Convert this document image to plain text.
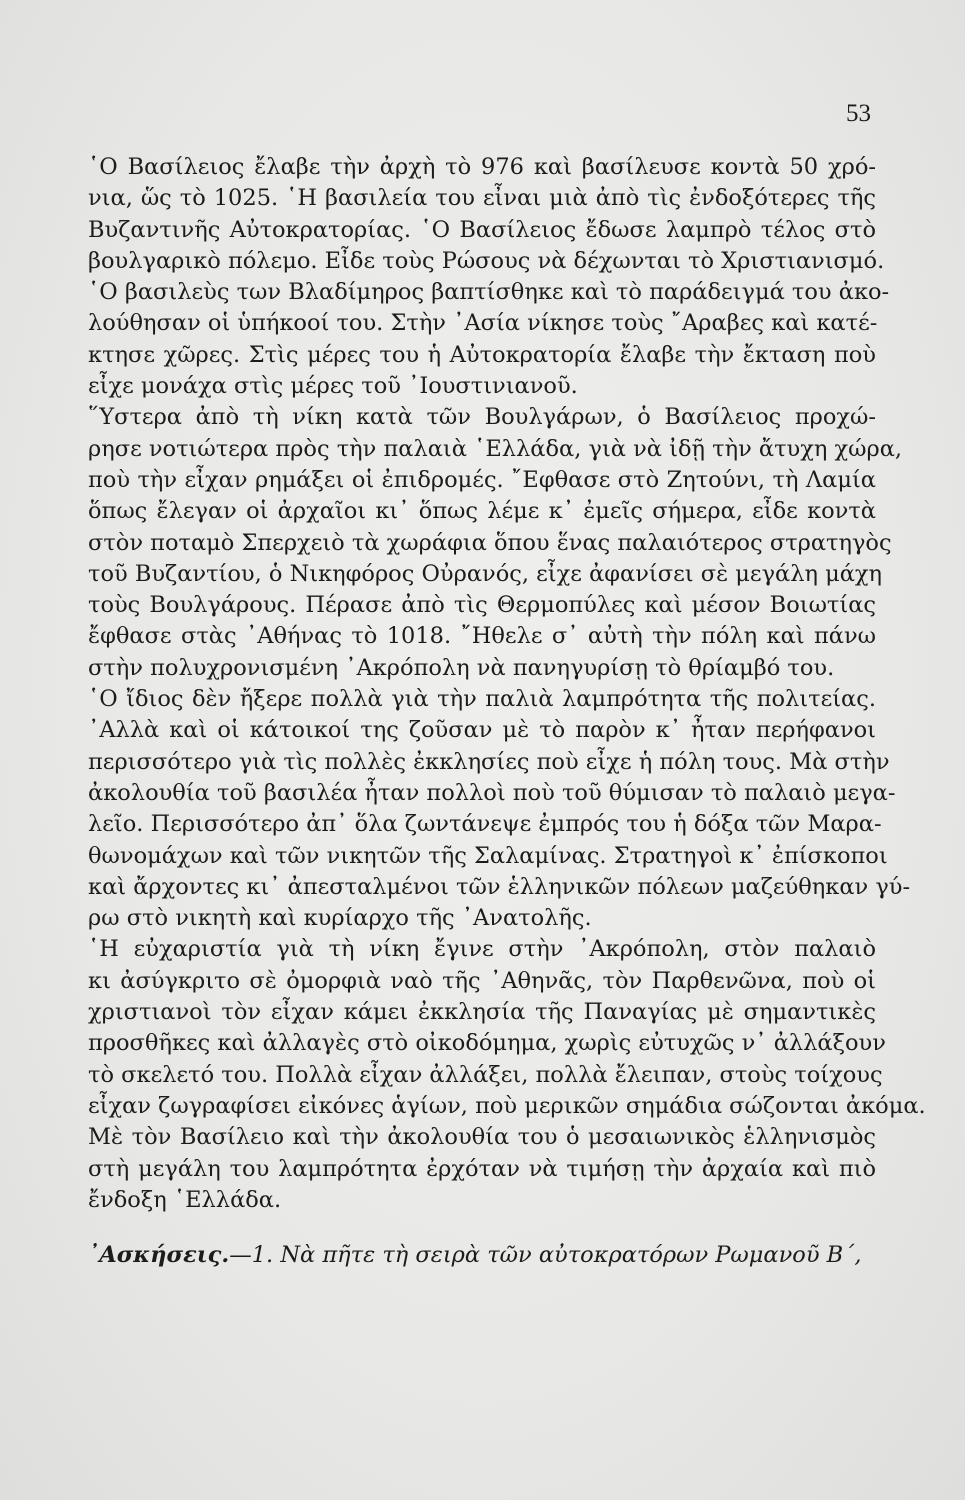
53
῾Ο Βασίλειος ἔλαβε τὴν ἀρχὴ τὸ 976 καὶ βασίλευσε κοντὰ 50 χρό-
νια, ὥς τὸ 1025. ῾Η βασιλεία του εἶναι μιὰ ἀπὸ τὶς ἐνδοξότερες τῆς
Βυζαντινῆς Αὐτοκρατορίας. ῾Ο Βασίλειος ἔδωσε λαμπρὸ τέλος στὸ
βουλγαρικὸ πόλεμο. Εἶδε τοὺς Ρώσους νὰ δέχωνται τὸ Χριστιανισμό.
῾Ο βασιλεὺς των Βλαδίμηρος βαπτίσθηκε καὶ τὸ παράδειγμά του ἀκο-
λούθησαν οἱ ὑπήκοοί του. Στὴν ᾿Ασία νίκησε τοὺς ῎Αραβες καὶ κατέ-
κτησε χῶρες. Στὶς μέρες του ἡ Αὐτοκρατορία ἔλαβε τὴν ἔκταση ποὺ
εἶχε μονάχα στὶς μέρες τοῦ ᾿Ιουστινιανοῦ.
῞Υστερα ἀπὸ τὴ νίκη κατὰ τῶν Βουλγάρων, ὁ Βασίλειος προχώ-
ρησε νοτιώτερα πρὸς τὴν παλαιὰ ῾Ελλάδα, γιὰ νὰ ἰδῇ τὴν ἄτυχη χώρα,
ποὺ τὴν εἶχαν ρημάξει οἱ ἐπιδρομές. ῎Εφθασε στὸ Ζητούνι, τὴ Λαμία
ὅπως ἔλεγαν οἱ ἀρχαῖοι κι᾿ ὅπως λέμε κ᾿ ἐμεῖς σήμερα, εἶδε κοντὰ
στὸν ποταμὸ Σπερχειὸ τὰ χωράφια ὅπου ἕνας παλαιότερος στρατηγὸς
τοῦ Βυζαντίου, ὁ Νικηφόρος Οὐρανός, εἶχε ἀφανίσει σὲ μεγάλη μάχη
τοὺς Βουλγάρους. Πέρασε ἀπὸ τὶς Θερμοπύλες καὶ μέσον Βοιωτίας
ἔφθασε στὰς ᾿Αθήνας τὸ 1018. ῎Ηθελε σ᾿ αὐτὴ τὴν πόλη καὶ πάνω
στὴν πολυχρονισμένη ᾿Ακρόπολη νὰ πανηγυρίσῃ τὸ θρίαμβό του.
῾Ο ἴδιος δὲν ἤξερε πολλὰ γιὰ τὴν παλιὰ λαμπρότητα τῆς πολιτείας.
᾿Αλλὰ καὶ οἱ κάτοικοί της ζοῦσαν μὲ τὸ παρὸν κ᾿ ἦταν περήφανοι
περισσότερο γιὰ τὶς πολλὲς ἐκκλησίες ποὺ εἶχε ἡ πόλη τους. Μὰ στὴν
ἀκολουθία τοῦ βασιλέα ἦταν πολλοὶ ποὺ τοῦ θύμισαν τὸ παλαιὸ μεγα-
λεῖο. Περισσότερο ἀπ᾿ ὅλα ζωντάνεψε ἐμπρός του ἡ δόξα τῶν Μαρα-
θωνομάχων καὶ τῶν νικητῶν τῆς Σαλαμίνας. Στρατηγοὶ κ᾿ ἐπίσκοποι
καὶ ἄρχοντες κι᾿ ἀπεσταλμένοι τῶν ἑλληνικῶν πόλεων μαζεύθηκαν γύ-
ρω στὸ νικητὴ καὶ κυρίαρχο τῆς ᾿Ανατολῆς.
῾Η εὐχαριστία γιὰ τὴ νίκη ἔγινε στὴν ᾿Ακρόπολη, στὸν παλαιὸ
κι ἀσύγκριτο σὲ ὀμορφιὰ ναὸ τῆς ᾿Αθηνᾶς, τὸν Παρθενῶνα, ποὺ οἱ
χριστιανοὶ τὸν εἶχαν κάμει ἐκκλησία τῆς Παναγίας μὲ σημαντικὲς
προσθῆκες καὶ ἀλλαγὲς στὸ οἰκοδόμημα, χωρὶς εὐτυχῶς ν᾿ ἀλλάξουν
τὸ σκελετό του. Πολλὰ εἶχαν ἀλλάξει, πολλὰ ἔλειπαν, στοὺς τοίχους
εἶχαν ζωγραφίσει εἰκόνες ἁγίων, ποὺ μερικῶν σημάδια σώζονται ἀκόμα.
Μὲ τὸν Βασίλειο καὶ τὴν ἀκολουθία του ὁ μεσαιωνικὸς ἑλληνισμὸς
στὴ μεγάλη του λαμπρότητα ἐρχόταν νὰ τιμήσῃ τὴν ἀρχαία καὶ πιὸ
ἔνδοξη ῾Ελλάδα.
᾿Ασκήσεις.—1. Νὰ πῆτε τὴ σειρὰ τῶν αὐτοκρατόρων Ρωμανοῦ Β΄,
